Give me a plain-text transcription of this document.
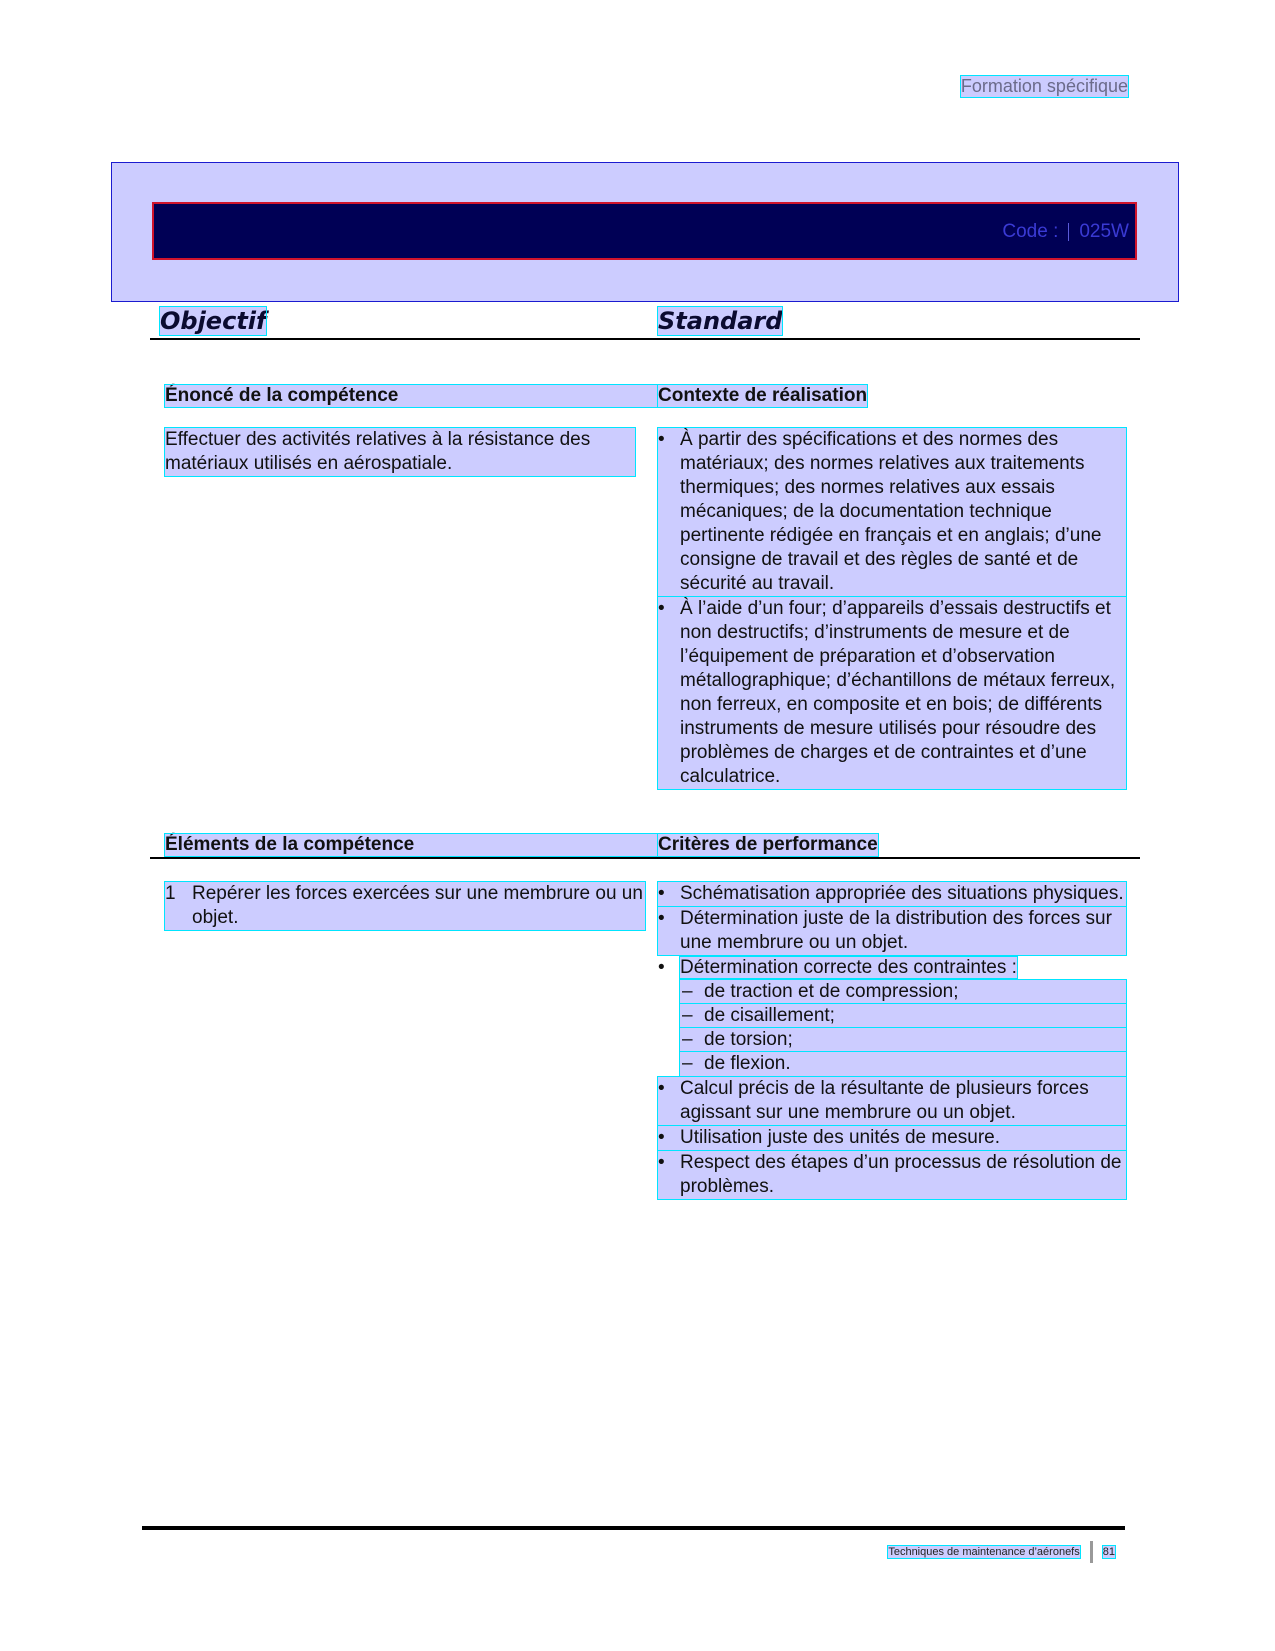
Formation spécifique
Code : 025W
Objectif	Standard
Énoncé de la compétence	Contexte de réalisation
Effectuer des activités relatives à la résistance des matériaux utilisés en aérospatiale.
• À partir des spécifications et des normes des matériaux; des normes relatives aux traitements thermiques; des normes relatives aux essais mécaniques; de la documentation technique pertinente rédigée en français et en anglais; d’une consigne de travail et des règles de santé et de sécurité au travail.
• À l’aide d’un four; d’appareils d’essais destructifs et non destructifs; d’instruments de mesure et de l’équipement de préparation et d’observation métallographique; d’échantillons de métaux ferreux, non ferreux, en composite et en bois; de différents instruments de mesure utilisés pour résoudre des problèmes de charges et de contraintes et d’une calculatrice.
Éléments de la compétence	Critères de performance
1 Repérer les forces exercées sur une membrure ou un objet.
• Schématisation appropriée des situations physiques.
• Détermination juste de la distribution des forces sur une membrure ou un objet.
• Détermination correcte des contraintes :
– de traction et de compression;
– de cisaillement;
– de torsion;
– de flexion.
• Calcul précis de la résultante de plusieurs forces agissant sur une membrure ou un objet.
• Utilisation juste des unités de mesure.
• Respect des étapes d’un processus de résolution de problèmes.
Techniques de maintenance d’aéronefs 81
